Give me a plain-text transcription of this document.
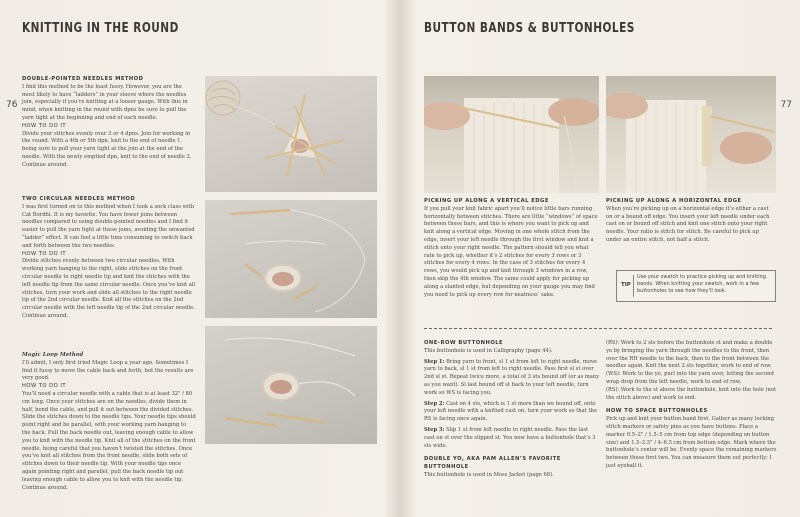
KNITTING IN THE ROUND
76

DOUBLE-POINTED NEEDLES METHOD

I find this method to be the least fussy. However, you are the most likely to have “ladders” in your sleeve where the needles join, especially if you’re knitting at a looser gauge. With this in mind, when knitting in the round with dpns be sure to pull the yarn tight at the beginning and end of each needle.

HOW TO DO IT

Divide your stitches evenly over 3 or 4 dpns. Join for working in the round. With a 4th or 5th dpn, knit to the end of needle 1, being sure to pull your yarn tight at the join at the end of the needle. With the newly emptied dpn, knit to the end of needle 2. Continue around.

TWO CIRCULAR NEEDLES METHOD

I was first turned on to this method when I took a sock class with Cat Bordhi. It is my favorite. You have fewer joins between needles compared to using double-pointed needles and I find it easier to pull the yarn tight at these joins, avoiding the unwanted “ladder” effect. It can feel a little time consuming to switch back and forth between the two needles.

HOW TO DO IT

Divide stitches evenly between two circular needles. With working yarn hanging to the right, slide stitches on the front circular needle to right needle tip and knit the stitches with the left needle tip from the same circular needle. Once you’ve knit all stitches, turn your work and slide all stitches to the right needle tip of the 2nd circular needle. Knit all the stitches on the 2nd circular needle with the left needle tip of the 2nd circular needle. Continue around.

Magic Loop Method

I’ll admit, I only first tried Magic Loop a year ago. Sometimes I find it fussy to move the cable back and forth, but the results are very good.

HOW TO DO IT

You’ll need a circular needle with a cable that is at least 32" / 80 cm long. Once your stitches are on the needles, divide them in half, bend the cable, and pull it out between the divided stitches. Slide the stitches down to the needle tips. Your needle tips should point right and be parallel, with your working yarn hanging to the back. Pull the back needle out, leaving enough cable to allow you to knit with the needle tip. Knit all of the stitches on the front needle, being careful that you haven’t twisted the stitches. Once you’ve knit all stitches from the front needle, slide both sets of stitches down to their needle tip. With your needle tips once again pointing right and parallel, pull the back needle tip out leaving enough cable to allow you to knit with the needle tip. Continue around.

BUTTON BANDS & BUTTONHOLES
77

PICKING UP ALONG A VERTICAL EDGE

If you pull your knit fabric apart you’ll notice little bars running horizontally between stitches. There are little “windows” of space between these bars, and this is where you want to pick up and knit along a vertical edge. Moving in one whole stitch from the edge, insert your left needle through the first window and knit a stitch onto your right needle. The pattern should tell you what rate to pick up, whether it’s 2 stitches for every 3 rows or 3 stitches for every 4 rows. In the case of 3 stitches for every 4 rows, you would pick up and knit through 3 windows in a row, then skip the 4th window. The same could apply for picking up along a slanted edge, but depending on your gauge you may find you need to pick up every row for neatness’ sake.

PICKING UP ALONG A HORIZONTAL EDGE

When you’re picking up on a horizontal edge it’s either a cast on or a bound off edge. You insert your left needle under each cast on or bound off stitch and knit one stitch onto your right needle. Your ratio is stitch for stitch. Be careful to pick up under an entire stitch, not half a stitch.

TIP
Use your swatch to practice picking up and knitting bands. When knitting your swatch, work in a few buttonholes to see how they’ll look.

ONE-ROW BUTTONHOLE

This buttonhole is used in Calligraphy (page 44).

Step 1: Bring yarn to front, sl 1 st from left to right needle, move yarn to back, sl 1 st from left to right needle. Pass first sl st over 2nd sl st. Repeat twice more, a total of 3 sts bound off (or as many as you want). Sl last bound off st back to your left needle, turn work so WS is facing you.

Step 2: Cast on 4 sts, which is 1 st more than we bound off, onto your left needle with a knitted cast on, turn your work so that the RS is facing once again.

Step 3: Slip 1 st from left needle to right needle. Pass the last cast on st over the slipped st. You now have a buttonhole that’s 3 sts wide.

DOUBLE YO, AKA PAM ALLEN’S FAVORITE BUTTONHOLE

This buttonhole is used in Moss Jacket (page 68).

(RS): Work to 2 sts before the buttonhole st and make a double yo by bringing the yarn through the needles to the front, then over the RH needle to the back, then to the front between the needles again. Knit the next 2 sts together, work to end of row.

(WS): Work to the yo, purl into the yarn over, letting the second wrap drop from the left needle, work to end of row.

(RS): Work to the st above the buttonhole, knit into the hole (not the stitch above) and work to end.

HOW TO SPACE BUTTONHOLES

Pick up and knit your button band first. Gather as many locking stitch markers or safety pins as you have buttons. Place a marker 0.5–2" / 1.5–5 cm from top edge (depending on button size) and 1.5–2.5" / 4–6.5 cm from bottom edge. Mark where the buttonhole’s center will be. Evenly space the remaining markers between these first two. You can measure them out perfectly; I just eyeball it.
